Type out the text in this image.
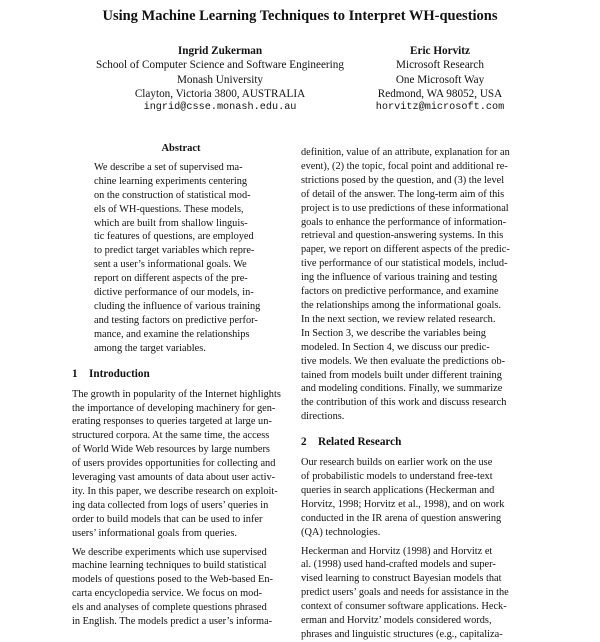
Using Machine Learning Techniques to Interpret WH-questions
Ingrid Zukerman
School of Computer Science and Software Engineering
Monash University
Clayton, Victoria 3800, AUSTRALIA
ingrid@csse.monash.edu.au
Eric Horvitz
Microsoft Research
One Microsoft Way
Redmond, WA 98052, USA
horvitz@microsoft.com
Abstract
We describe a set of supervised ma-
chine learning experiments centering
on the construction of statistical mod-
els of WH-questions. These models,
which are built from shallow linguis-
tic features of questions, are employed
to predict target variables which repre-
sent a user’s informational goals. We
report on different aspects of the pre-
dictive performance of our models, in-
cluding the influence of various training
and testing factors on predictive perfor-
mance, and examine the relationships
among the target variables.
1 Introduction
The growth in popularity of the Internet highlights
the importance of developing machinery for gen-
erating responses to queries targeted at large un-
structured corpora. At the same time, the access
of World Wide Web resources by large numbers
of users provides opportunities for collecting and
leveraging vast amounts of data about user activ-
ity. In this paper, we describe research on exploit-
ing data collected from logs of users’ queries in
order to build models that can be used to infer
users’ informational goals from queries.
We describe experiments which use supervised
machine learning techniques to build statistical
models of questions posed to the Web-based En-
carta encyclopedia service. We focus on mod-
els and analyses of complete questions phrased
in English. The models predict a user’s informa-
definition, value of an attribute, explanation for an
event), (2) the topic, focal point and additional re-
strictions posed by the question, and (3) the level
of detail of the answer. The long-term aim of this
project is to use predictions of these informational
goals to enhance the performance of information-
retrieval and question-answering systems. In this
paper, we report on different aspects of the predic-
tive performance of our statistical models, includ-
ing the influence of various training and testing
factors on predictive performance, and examine
the relationships among the informational goals.
In the next section, we review related research.
In Section 3, we describe the variables being
modeled. In Section 4, we discuss our predic-
tive models. We then evaluate the predictions ob-
tained from models built under different training
and modeling conditions. Finally, we summarize
the contribution of this work and discuss research
directions.
2 Related Research
Our research builds on earlier work on the use
of probabilistic models to understand free-text
queries in search applications (Heckerman and
Horvitz, 1998; Horvitz et al., 1998), and on work
conducted in the IR arena of question answering
(QA) technologies.
Heckerman and Horvitz (1998) and Horvitz et
al. (1998) used hand-crafted models and super-
vised learning to construct Bayesian models that
predict users’ goals and needs for assistance in the
context of consumer software applications. Heck-
erman and Horvitz’ models considered words,
phrases and linguistic structures (e.g., capitaliza-
